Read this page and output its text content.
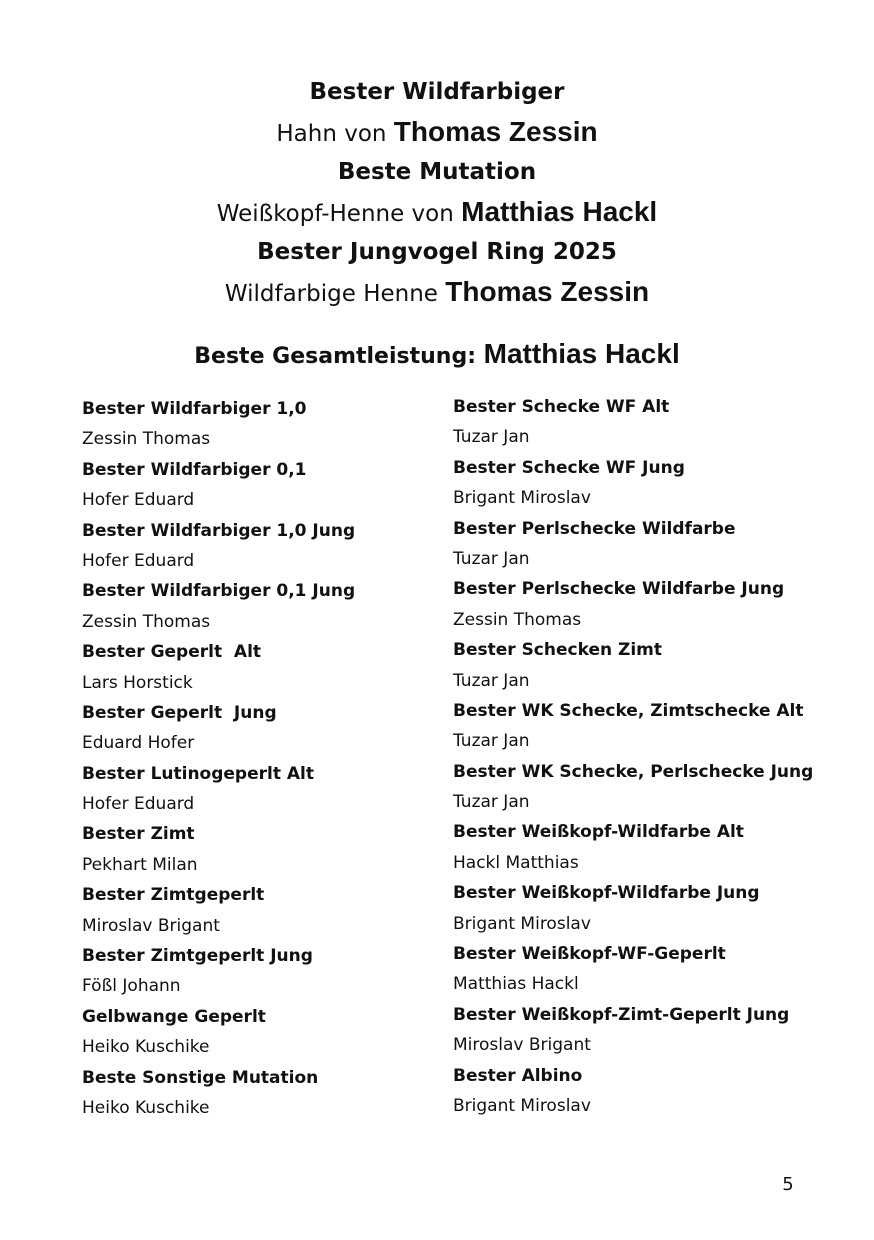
Bester Wildfarbiger
Hahn von Thomas Zessin
Beste Mutation
Weißkopf-Henne von Matthias Hackl
Bester Jungvogel Ring 2025
Wildfarbige Henne Thomas Zessin
Beste Gesamtleistung: Matthias Hackl
Bester Wildfarbiger 1,0
Zessin Thomas
Bester Wildfarbiger 0,1
Hofer Eduard
Bester Wildfarbiger 1,0 Jung
Hofer Eduard
Bester Wildfarbiger 0,1 Jung
Zessin Thomas
Bester Geperlt  Alt
Lars Horstick
Bester Geperlt  Jung
Eduard Hofer
Bester Lutinogeperlt Alt
Hofer Eduard
Bester Zimt
Pekhart Milan
Bester Zimtgeperlt
Miroslav Brigant
Bester Zimtgeperlt Jung
Fößl Johann
Gelbwange Geperlt
Heiko Kuschike
Beste Sonstige Mutation
Heiko Kuschike
Bester Schecke WF Alt
Tuzar Jan
Bester Schecke WF Jung
Brigant Miroslav
Bester Perlschecke Wildfarbe
Tuzar Jan
Bester Perlschecke Wildfarbe Jung
Zessin Thomas
Bester Schecken Zimt
Tuzar Jan
Bester WK Schecke, Zimtschecke Alt
Tuzar Jan
Bester WK Schecke, Perlschecke Jung
Tuzar Jan
Bester Weißkopf-Wildfarbe Alt
Hackl Matthias
Bester Weißkopf-Wildfarbe Jung
Brigant Miroslav
Bester Weißkopf-WF-Geperlt
Matthias Hackl
Bester Weißkopf-Zimt-Geperlt Jung
Miroslav Brigant
Bester Albino
Brigant Miroslav
5
